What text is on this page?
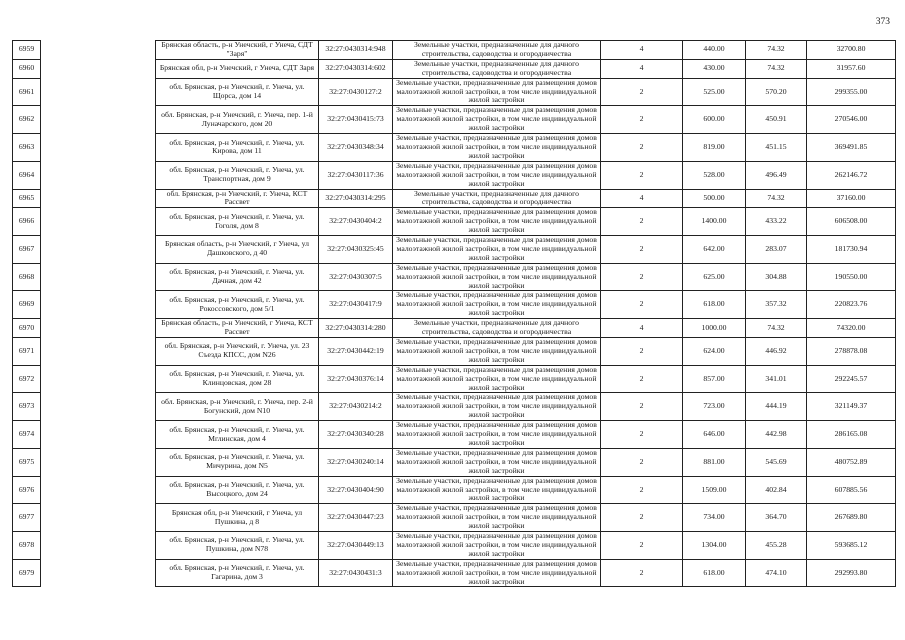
373
6959		Брянская область, р-н Унечский, г Унеча, СДТ "Заря"	32:27:0430314:948	Земельные участки, предназначенные для дачного строительства, садоводства и огородничества	4	440.00	74.32	32700.80
6960		Брянская обл, р-н Унечский, г Унеча, СДТ Заря	32:27:0430314:602	Земельные участки, предназначенные для дачного строительства, садоводства и огородничества	4	430.00	74.32	31957.60
6961		обл. Брянская, р-н Унечский, г. Унеча, ул. Щорса, дом 14	32:27:0430127:2	Земельные участки, предназначенные для размещения домов малоэтажной жилой застройки, в том числе индивидуальной жилой застройки	2	525.00	570.20	299355.00
6962		обл. Брянская, р-н Унечский, г. Унеча, пер. 1-й Луначарского, дом 20	32:27:0430415:73	Земельные участки, предназначенные для размещения домов малоэтажной жилой застройки, в том числе индивидуальной жилой застройки	2	600.00	450.91	270546.00
6963		обл. Брянская, р-н Унечский, г. Унеча, ул. Кирова, дом 11	32:27:0430348:34	Земельные участки, предназначенные для размещения домов малоэтажной жилой застройки, в том числе индивидуальной жилой застройки	2	819.00	451.15	369491.85
6964		обл. Брянская, р-н Унечский, г. Унеча, ул. Транспортная, дом 9	32:27:0430117:36	Земельные участки, предназначенные для размещения домов малоэтажной жилой застройки, в том числе индивидуальной жилой застройки	2	528.00	496.49	262146.72
6965		обл. Брянская, р-н Унечский, г. Унеча, КСТ Рассвет	32:27:0430314:295	Земельные участки, предназначенные для дачного строительства, садоводства и огородничества	4	500.00	74.32	37160.00
6966		обл. Брянская, р-н Унечский, г. Унеча, ул. Гоголя, дом 8	32:27:0430404:2	Земельные участки, предназначенные для размещения домов малоэтажной жилой застройки, в том числе индивидуальной жилой застройки	2	1400.00	433.22	606508.00
6967		Брянская область, р-н Унечский, г Унеча, ул Дашковского, д 40	32:27:0430325:45	Земельные участки, предназначенные для размещения домов малоэтажной жилой застройки, в том числе индивидуальной жилой застройки	2	642.00	283.07	181730.94
6968		обл. Брянская, р-н Унечский, г. Унеча, ул. Дачная, дом 42	32:27:0430307:5	Земельные участки, предназначенные для размещения домов малоэтажной жилой застройки, в том числе индивидуальной жилой застройки	2	625.00	304.88	190550.00
6969		обл. Брянская, р-н Унечский, г. Унеча, ул. Рокоссовского, дом 5/1	32:27:0430417:9	Земельные участки, предназначенные для размещения домов малоэтажной жилой застройки, в том числе индивидуальной жилой застройки	2	618.00	357.32	220823.76
6970		Брянская область, р-н Унечский, г Унеча, КСТ Рассвет	32:27:0430314:280	Земельные участки, предназначенные для дачного строительства, садоводства и огородничества	4	1000.00	74.32	74320.00
6971		обл. Брянская, р-н Унечский, г. Унеча, ул. 23 Съезда КПСС, дом N26	32:27:0430442:19	Земельные участки, предназначенные для размещения домов малоэтажной жилой застройки, в том числе индивидуальной жилой застройки	2	624.00	446.92	278878.08
6972		обл. Брянская, р-н Унечский, г. Унеча, ул. Клинцовская, дом 28	32:27:0430376:14	Земельные участки, предназначенные для размещения домов малоэтажной жилой застройки, в том числе индивидуальной жилой застройки	2	857.00	341.01	292245.57
6973		обл. Брянская, р-н Унечский, г. Унеча, пер. 2-й Богунский, дом N10	32:27:0430214:2	Земельные участки, предназначенные для размещения домов малоэтажной жилой застройки, в том числе индивидуальной жилой застройки	2	723.00	444.19	321149.37
6974		обл. Брянская, р-н Унечский, г. Унеча, ул. Мглинская, дом 4	32:27:0430340:28	Земельные участки, предназначенные для размещения домов малоэтажной жилой застройки, в том числе индивидуальной жилой застройки	2	646.00	442.98	286165.08
6975		обл. Брянская, р-н Унечский, г. Унеча, ул. Мичурина, дом N5	32:27:0430240:14	Земельные участки, предназначенные для размещения домов малоэтажной жилой застройки, в том числе индивидуальной жилой застройки	2	881.00	545.69	480752.89
6976		обл. Брянская, р-н Унечский, г. Унеча, ул. Высоцкого, дом 24	32:27:0430404:90	Земельные участки, предназначенные для размещения домов малоэтажной жилой застройки, в том числе индивидуальной жилой застройки	2	1509.00	402.84	607885.56
6977		Брянская обл, р-н Унечский, г Унеча, ул Пушкина, д 8	32:27:0430447:23	Земельные участки, предназначенные для размещения домов малоэтажной жилой застройки, в том числе индивидуальной жилой застройки	2	734.00	364.70	267689.80
6978		обл. Брянская, р-н Унечский, г. Унеча, ул. Пушкина, дом N78	32:27:0430449:13	Земельные участки, предназначенные для размещения домов малоэтажной жилой застройки, в том числе индивидуальной жилой застройки	2	1304.00	455.28	593685.12
6979		обл. Брянская, р-н Унечский, г. Унеча, ул. Гагарина, дом 3	32:27:0430431:3	Земельные участки, предназначенные для размещения домов малоэтажной жилой застройки, в том числе индивидуальной жилой застройки	2	618.00	474.10	292993.80
